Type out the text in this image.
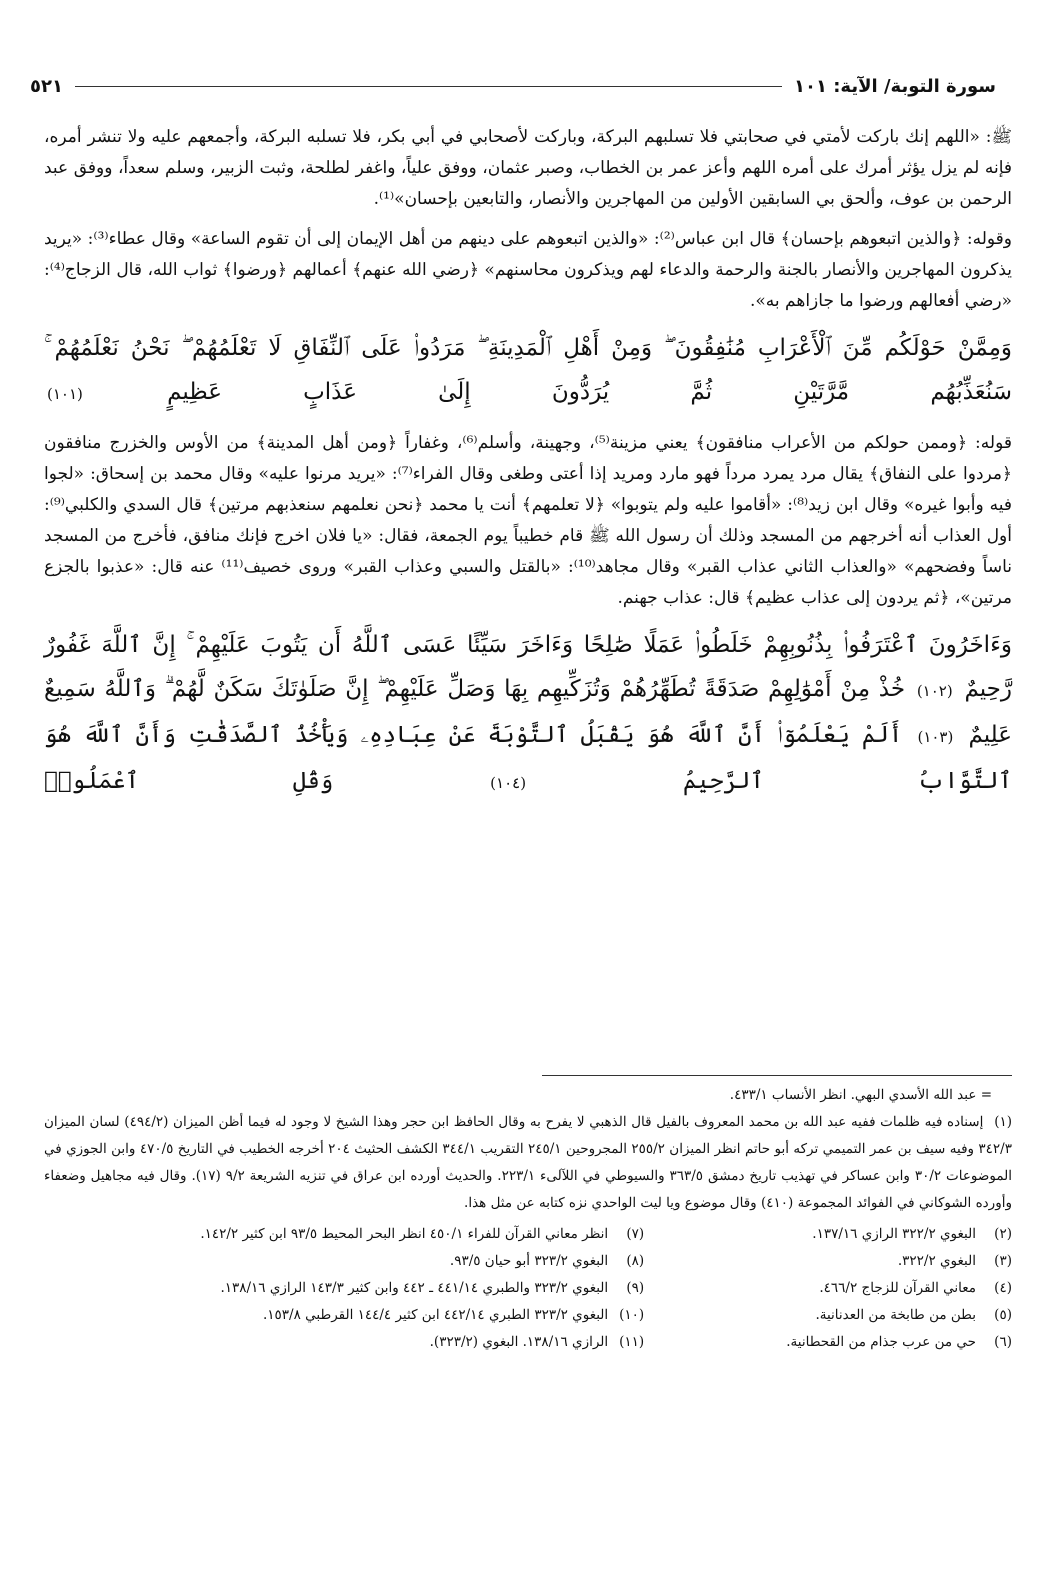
سورة التوبة/ الآية: ١٠١
٥٢١

ﷺ: «اللهم إنك باركت لأمتي في صحابتي فلا تسلبهم البركة، وباركت لأصحابي في أبي بكر، فلا تسلبه البركة، وأجمعهم عليه ولا تنشر أمره، فإنه لم يزل يؤثر أمرك على أمره اللهم وأعز عمر بن الخطاب، وصبر عثمان، ووفق علياً، واغفر لطلحة، وثبت الزبير، وسلم سعداً، ووفق عبد الرحمن بن عوف، وألحق بي السابقين الأولين من المهاجرين والأنصار، والتابعين بإحسان»⁽¹⁾.

وقوله: ﴿والذين اتبعوهم بإحسان﴾ قال ابن عباس⁽²⁾: «والذين اتبعوهم على دينهم من أهل الإيمان إلى أن تقوم الساعة» وقال عطاء⁽³⁾: «يريد يذكرون المهاجرين والأنصار بالجنة والرحمة والدعاء لهم ويذكرون محاسنهم» ﴿رضي الله عنهم﴾ أعمالهم ﴿ورضوا﴾ ثواب الله، قال الزجاج⁽⁴⁾: «رضي أفعالهم ورضوا ما جازاهم به».

وَمِمَّنْ حَوْلَكُم مِّنَ ٱلْأَعْرَابِ مُنَٰفِقُونَ ۖ وَمِنْ أَهْلِ ٱلْمَدِينَةِ ۖ مَرَدُوا۟ عَلَى ٱلنِّفَاقِ لَا تَعْلَمُهُمْ ۖ نَحْنُ نَعْلَمُهُمْ ۚ سَنُعَذِّبُهُم مَّرَّتَيْنِ ثُمَّ يُرَدُّونَ إِلَىٰ عَذَابٍ عَظِيمٍ (١٠١)

قوله: ﴿وممن حولكم من الأعراب منافقون﴾ يعني مزينة⁽⁵⁾، وجهينة، وأسلم⁽⁶⁾، وغفاراً ﴿ومن أهل المدينة﴾ من الأوس والخزرج منافقون ﴿مردوا على النفاق﴾ يقال مرد يمرد مرداً فهو مارد ومريد إذا أعتى وطغى وقال الفراء⁽⁷⁾: «يريد مرنوا عليه» وقال محمد بن إسحاق: «لجوا فيه وأبوا غيره» وقال ابن زيد⁽⁸⁾: «أقاموا عليه ولم يتوبوا» ﴿لا تعلمهم﴾ أنت يا محمد ﴿نحن نعلمهم سنعذبهم مرتين﴾ قال السدي والكلبي⁽⁹⁾: أول العذاب أنه أخرجهم من المسجد وذلك أن رسول الله ﷺ قام خطيباً يوم الجمعة، فقال: «يا فلان اخرج فإنك منافق، فأخرج من المسجد ناساً وفضحهم» «والعذاب الثاني عذاب القبر» وقال مجاهد⁽¹⁰⁾: «بالقتل والسبي وعذاب القبر» وروى خصيف⁽¹¹⁾ عنه قال: «عذبوا بالجزع مرتين»، ﴿ثم يردون إلى عذاب عظيم﴾ قال: عذاب جهنم.

وَءَاخَرُونَ ٱعْتَرَفُوا۟ بِذُنُوبِهِمْ خَلَطُوا۟ عَمَلًا صَٰلِحًا وَءَاخَرَ سَيِّئًا عَسَى ٱللَّهُ أَن يَتُوبَ عَلَيْهِمْ ۚ إِنَّ ٱللَّهَ غَفُورٌ رَّحِيمٌ (١٠٢) خُذْ مِنْ أَمْوَٰلِهِمْ صَدَقَةً تُطَهِّرُهُمْ وَتُزَكِّيهِم بِهَا وَصَلِّ عَلَيْهِمْ ۖ إِنَّ صَلَوٰتَكَ سَكَنٌ لَّهُمْ ۗ وَٱللَّهُ سَمِيعٌ عَلِيمٌ (١٠٣) أَلَمْ يَعْلَمُوٓا۟ أَنَّ ٱللَّهَ هُوَ يَقْبَلُ ٱلتَّوْبَةَ عَنْ عِبَادِهِۦ وَيَأْخُذُ ٱلصَّدَقَٰتِ وَأَنَّ ٱللَّهَ هُوَ ٱلتَّوَّابُ ٱلرَّحِيمُ (١٠٤) وَقُلِ ٱعْمَلُوا۟
= عبد الله الأسدي البهي. انظر الأنساب ٤٣٣/١.
(١) إسناده فيه ظلمات ففيه عبد الله بن محمد المعروف بالفيل قال الذهبي لا يفرح به وقال الحافظ ابن حجر وهذا الشيخ لا وجود له فيما أظن الميزان (٤٩٤/٢) لسان الميزان ٣٤٢/٣ وفيه سيف بن عمر التميمي تركه أبو حاتم انظر الميزان ٢٥٥/٢ المجروحين ٢٤٥/١ التقريب ٣٤٤/١ الكشف الحثيث ٢٠٤ أخرجه الخطيب في التاريخ ٤٧٠/٥ وابن الجوزي في الموضوعات ٣٠/٢ وابن عساكر في تهذيب تاريخ دمشق ٣٦٣/٥ والسيوطي في اللآلىء ٢٢٣/١. والحديث أورده ابن عراق في تنزيه الشريعة ٩/٢ (١٧). وقال فيه مجاهيل وضعفاء وأورده الشوكاني في الفوائد المجموعة (٤١٠) وقال موضوع ويا ليت الواحدي نزه كتابه عن مثل هذا.
(٢)البغوي ٣٢٢/٢ الرازي ١٣٧/١٦.
(٣)البغوي ٣٢٢/٢.
(٤)معاني القرآن للزجاج ٤٦٦/٢.
(٥)بطن من طابخة من العدنانية.
(٦)حي من عرب جذام من القحطانية.
(٧)انظر معاني القرآن للفراء ٤٥٠/١ انظر البحر المحيط ٩٣/٥ ابن كثير ١٤٢/٢.
(٨)البغوي ٣٢٣/٢ أبو حيان ٩٣/٥.
(٩)البغوي ٣٢٣/٢ والطبري ٤٤١/١٤ ـ ٤٤٢ وابن كثير ١٤٣/٣ الرازي ١٣٨/١٦.
(١٠)البغوي ٣٢٣/٢ الطبري ٤٤٢/١٤ ابن كثير ١٤٤/٤ القرطبي ١٥٣/٨.
(١١)الرازي ١٣٨/١٦. البغوي (٣٢٣/٢).
